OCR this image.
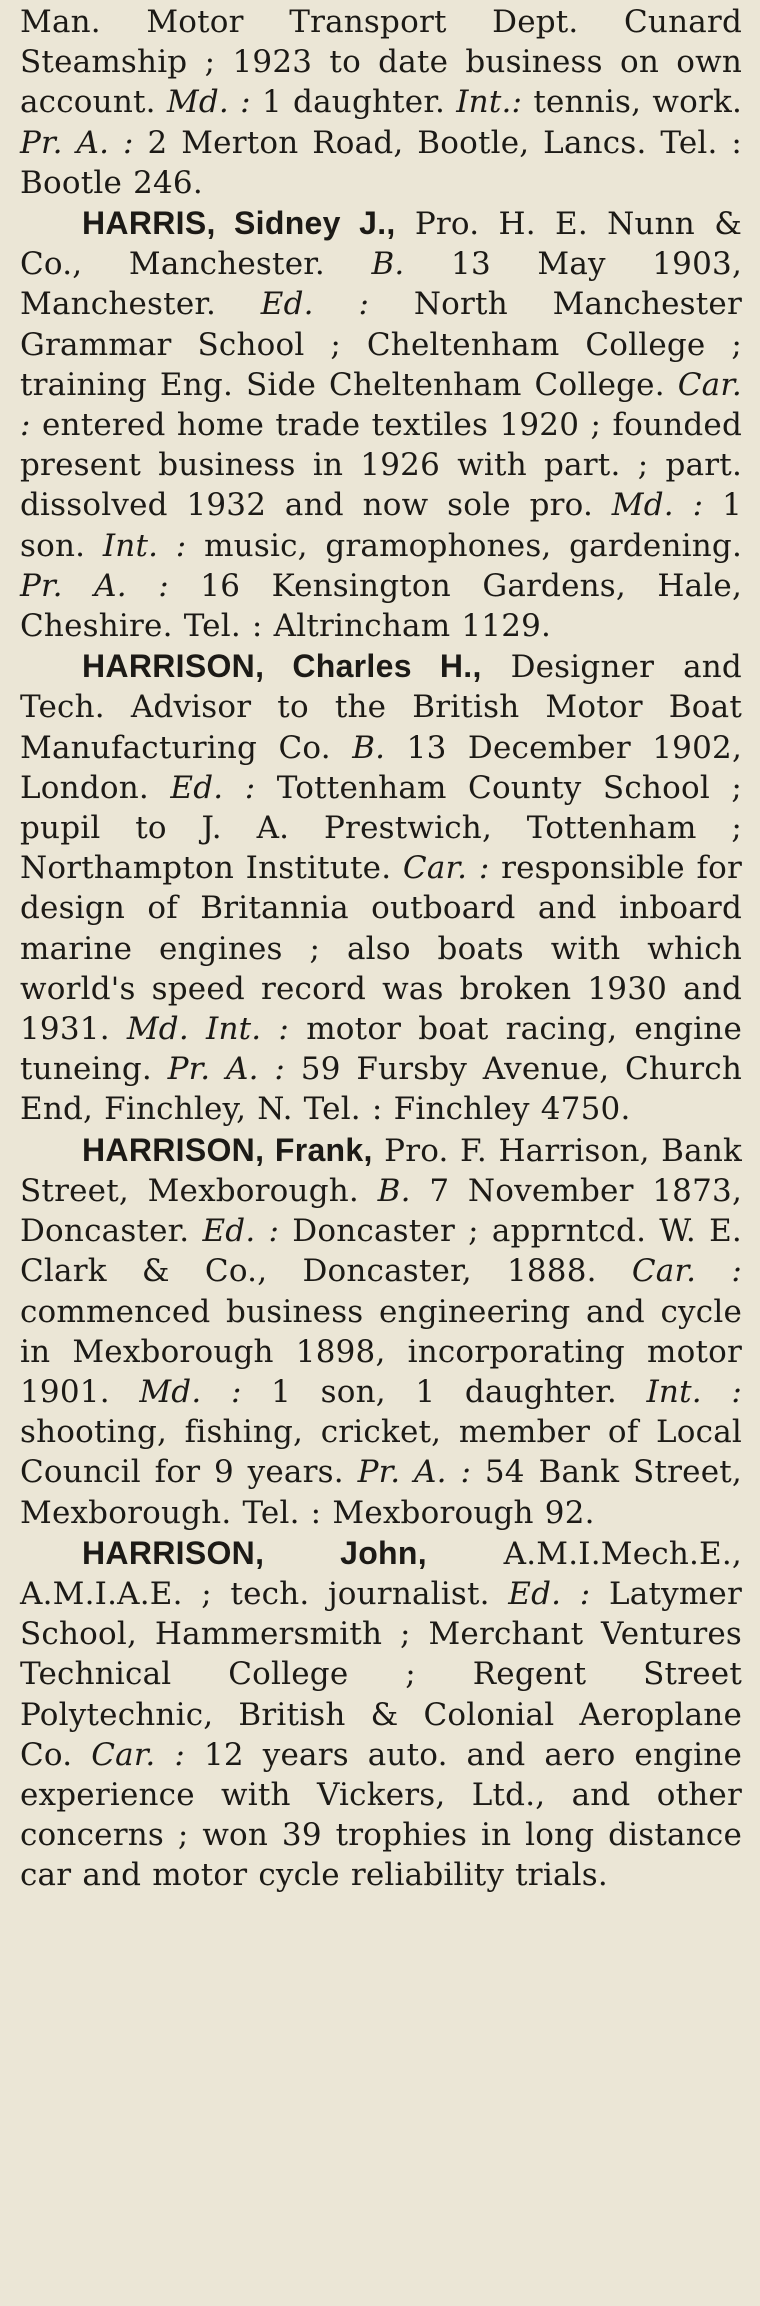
Man. Motor Transport Dept. Cunard Steamship ; 1923 to date business on own account. Md. : 1 daughter. Int.: tennis, work. Pr. A. : 2 Merton Road, Bootle, Lancs. Tel. : Bootle 246.

HARRIS, Sidney J., Pro. H. E. Nunn & Co., Manchester. B. 13 May 1903, Manchester. Ed. : North Manchester Grammar School ; Cheltenham College ; training Eng. Side Cheltenham College. Car. : entered home trade textiles 1920 ; founded present business in 1926 with part. ; part. dissolved 1932 and now sole pro. Md. : 1 son. Int. : music, gramophones, gardening. Pr. A. : 16 Kensington Gardens, Hale, Cheshire. Tel. : Altrincham 1129.

HARRISON, Charles H., Designer and Tech. Advisor to the British Motor Boat Manufacturing Co. B. 13 December 1902, London. Ed. : Tottenham County School ; pupil to J. A. Prestwich, Tottenham ; Northampton Institute. Car. : responsible for design of Britannia outboard and inboard marine engines ; also boats with which world's speed record was broken 1930 and 1931. Md. Int. : motor boat racing, engine tuneing. Pr. A. : 59 Fursby Avenue, Church End, Finchley, N. Tel. : Finchley 4750.

HARRISON, Frank, Pro. F. Harrison, Bank Street, Mexborough. B. 7 November 1873, Doncaster. Ed. : Doncaster ; apprntcd. W. E. Clark & Co., Doncaster, 1888. Car. : commenced business engineering and cycle in Mexborough 1898, incorporating motor 1901. Md. : 1 son, 1 daughter. Int. : shooting, fishing, cricket, member of Local Council for 9 years. Pr. A. : 54 Bank Street, Mexborough. Tel. : Mexborough 92.

HARRISON, John, A.M.I.Mech.E., A.M.I.A.E. ; tech. journalist. Ed. : Latymer School, Hammersmith ; Merchant Ventures Technical College ; Regent Street Polytechnic, British & Colonial Aeroplane Co. Car. : 12 years auto. and aero engine experience with Vickers, Ltd., and other concerns ; won 39 trophies in long distance car and motor cycle reliability trials.
